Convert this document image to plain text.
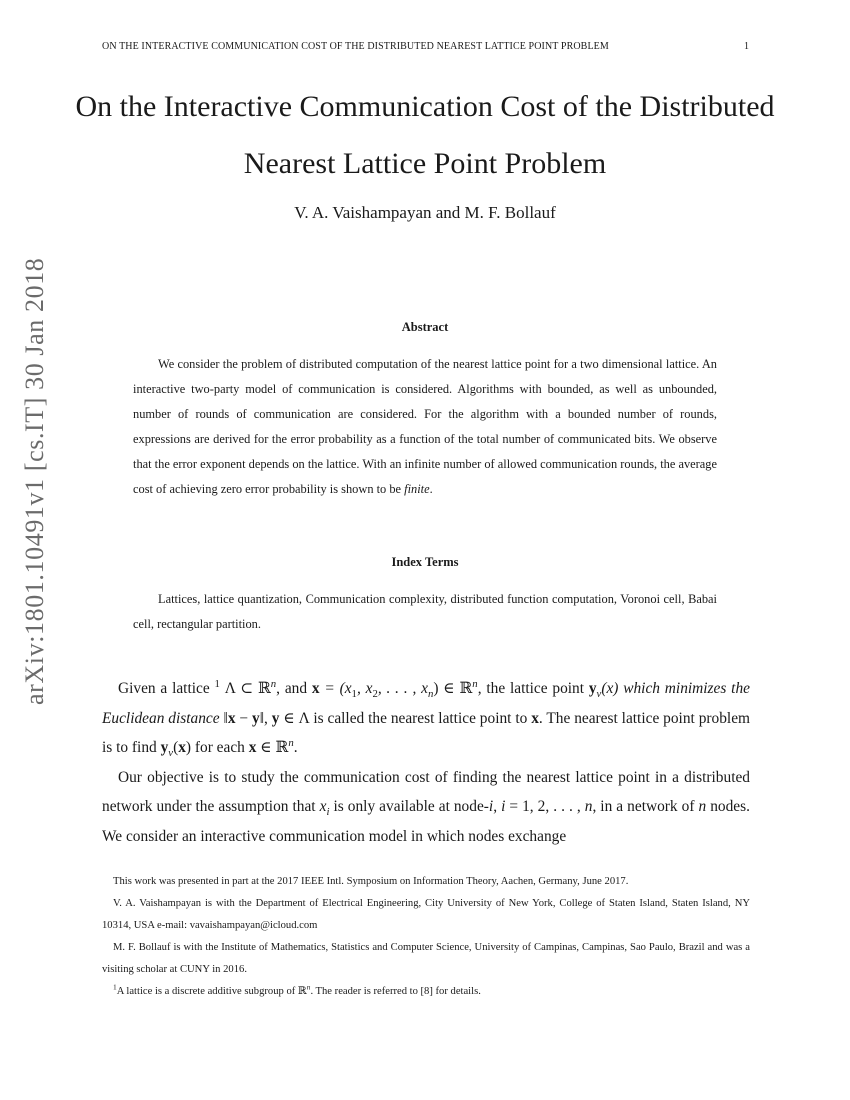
ON THE INTERACTIVE COMMUNICATION COST OF THE DISTRIBUTED NEAREST LATTICE POINT PROBLEM	1
arXiv:1801.10491v1 [cs.IT] 30 Jan 2018
On the Interactive Communication Cost of the Distributed Nearest Lattice Point Problem
V. A. Vaishampayan and M. F. Bollauf
Abstract
We consider the problem of distributed computation of the nearest lattice point for a two dimensional lattice. An interactive two-party model of communication is considered. Algorithms with bounded, as well as unbounded, number of rounds of communication are considered. For the algorithm with a bounded number of rounds, expressions are derived for the error probability as a function of the total number of communicated bits. We observe that the error exponent depends on the lattice. With an infinite number of allowed communication rounds, the average cost of achieving zero error probability is shown to be finite.
Index Terms
Lattices, lattice quantization, Communication complexity, distributed function computation, Voronoi cell, Babai cell, rectangular partition.

Given a lattice $^1$ Λ ⊂ ℝ$^n$, and $x = (x_1$, $x_2$, . . . , $x_n$) ∈ ℝ$^n$, the lattice point $y_v(x)$ which minimizes the Euclidean distance ‖x − y‖, y ∈ Λ is called the nearest lattice point to x. The nearest lattice point problem is to find $y_v(x)$ for each x ∈ ℝ$^n$.

Our objective is to study the communication cost of finding the nearest lattice point in a distributed network under the assumption that $x_i$ is only available at node-i, i = 1, 2, . . . , n, in a network of n nodes. We consider an interactive communication model in which nodes exchange

This work was presented in part at the 2017 IEEE Intl. Symposium on Information Theory, Aachen, Germany, June 2017.

V. A. Vaishampayan is with the Department of Electrical Engineering, City University of New York, College of Staten Island, Staten Island, NY 10314, USA e-mail: vavaishampayan@icloud.com

M. F. Bollauf is with the Institute of Mathematics, Statistics and Computer Science, University of Campinas, Campinas, Sao Paulo, Brazil and was a visiting scholar at CUNY in 2016.

$^1$A lattice is a discrete additive subgroup of ℝ$^n$. The reader is referred to [8] for details.
